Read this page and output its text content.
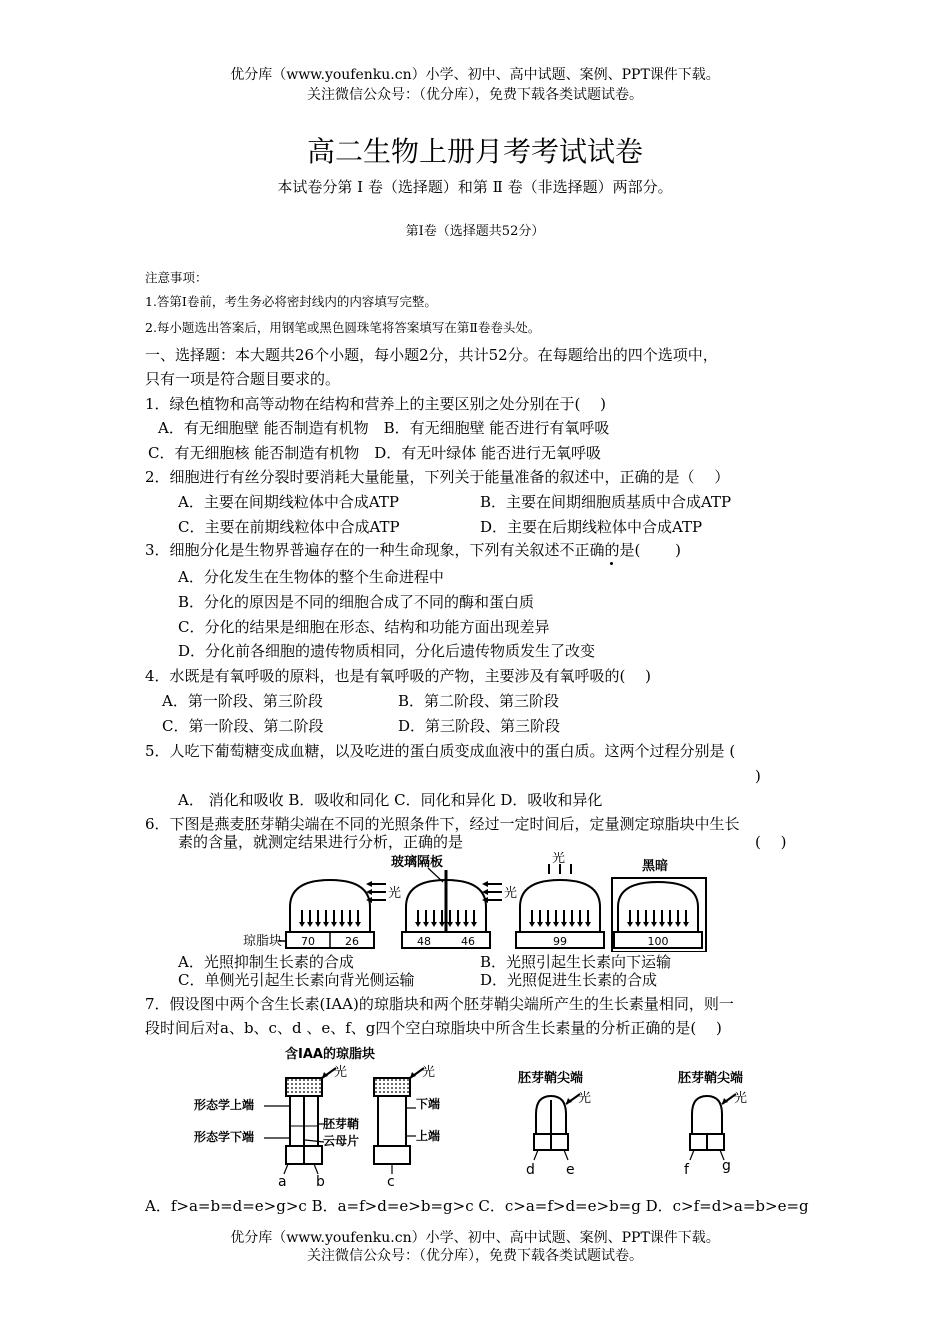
优分库（www.youfenku.cn）小学、初中、高中试题、案例、PPT课件下载。
关注微信公众号：（优分库），免费下载各类试题试卷。
高二生物上册月考考试试卷
本试卷分第 Ⅰ 卷（选择题）和第 Ⅱ 卷（非选择题）两部分。
第Ⅰ卷（选择题共52分）
注意事项：
1.答第Ⅰ卷前，考生务必将密封线内的内容填写完整。
2.每小题选出答案后，用钢笔或黑色圆珠笔将答案填写在第Ⅱ卷卷头处。
一、选择题：本大题共26个小题，每小题2分，共计52分。在每题给出的四个选项中，
只有一项是符合题目要求的。
1．绿色植物和高等动物在结构和营养上的主要区别之处分别在于(　 )
A．有无细胞壁 能否制造有机物　B．有无细胞壁 能否进行有氧呼吸
C．有无细胞核 能否制造有机物　D．有无叶绿体 能否进行无氧呼吸
2．细胞进行有丝分裂时要消耗大量能量，下列关于能量准备的叙述中，正确的是（　 ）
A．主要在间期线粒体中合成ATP	B．主要在间期细胞质基质中合成ATP
C．主要在前期线粒体中合成ATP	D．主要在后期线粒体中合成ATP
3．细胞分化是生物界普遍存在的一种生命现象，下列有关叙述不正确的是(　　 )
A．分化发生在生物体的整个生命进程中
B．分化的原因是不同的细胞合成了不同的酶和蛋白质
C．分化的结果是细胞在形态、结构和功能方面出现差异
D．分化前各细胞的遗传物质相同，分化后遗传物质发生了改变
4．水既是有氧呼吸的原料，也是有氧呼吸的产物，主要涉及有氧呼吸的(　 )
A．第一阶段、第三阶段	B．第二阶段、第三阶段
C．第一阶段、第二阶段	D．第三阶段、第三阶段
5．人吃下葡萄糖变成血糖，以及吃进的蛋白质变成血液中的蛋白质。这两个过程分别是 (
)
A． 消化和吸收 B．吸收和同化 C．同化和异化 D．吸收和异化
6．下图是燕麦胚芽鞘尖端在不同的光照条件下，经过一定时间后，定量测定琼脂块中生长
素的含量，就测定结果进行分析，正确的是	(　 )
70	26
琼脂块
光
48	46
玻璃隔板
光
99
光
100
黑暗
A．光照抑制生长素的合成	B．光照引起生长素向下运输
C．单侧光引起生长素向背光侧运输	D．光照促进生长素的合成
7．假设图中两个含生长素(IAA)的琼脂块和两个胚芽鞘尖端所产生的生长素量相同，则一
段时间后对a、b、c、d 、e、f、g四个空白琼脂块中所含生长素量的分析正确的是(　 )
含IAA的琼脂块
形态学上端
形态学下端
胚芽鞘
云母片
光
a b
下端
上端
光
c
胚芽鞘尖端
光
d e
胚芽鞘尖端
光
f g
A．f>a=b=d=e>g>c B．a=f>d=e>b=g>c C．c>a=f>d=e>b=g D．c>f=d>a=b>e=g
优分库（www.youfenku.cn）小学、初中、高中试题、案例、PPT课件下载。
关注微信公众号：（优分库），免费下载各类试题试卷。
